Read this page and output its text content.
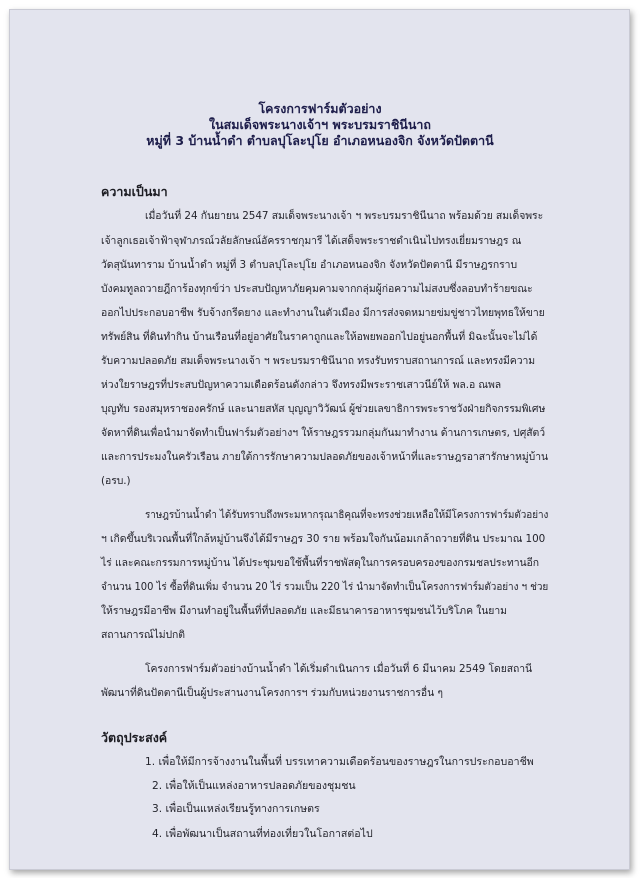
โครงการฟาร์มตัวอย่าง
ในสมเด็จพระนางเจ้าฯ พระบรมราชินีนาถ
หมู่ที่ 3 บ้านน้ำดำ ตำบลปุโละปุโย อำเภอหนองจิก จังหวัดปัตตานี
ความเป็นมา
เมื่อวันที่ 24 กันยายน 2547 สมเด็จพระนางเจ้า ฯ พระบรมราชินีนาถ พร้อมด้วย สมเด็จพระ
เจ้าลูกเธอเจ้าฟ้าจุฬาภรณ์วลัยลักษณ์อัครราชกุมารี ได้เสด็จพระราชดำเนินไปทรงเยี่ยมราษฎร ณ
วัดสุนันทาราม บ้านน้ำดำ หมู่ที่ 3 ตำบลปุโละปุโย อำเภอหนองจิก จังหวัดปัตตานี มีราษฎรกราบ
บังคมทูลถวายฎีการ้องทุกข์ว่า ประสบปัญหาภัยคุมคามจากกลุ่มผู้ก่อความไม่สงบซึ่งลอบทำร้ายขณะ
ออกไปประกอบอาชีพ รับจ้างกรีดยาง และทำงานในตัวเมือง มีการส่งจดหมายข่มขู่ชาวไทยพุทธให้ขาย
ทรัพย์สิน ที่ดินทำกิน บ้านเรือนที่อยู่อาศัยในราคาถูกและให้อพยพออกไปอยู่นอกพื้นที่ มิฉะนั้นจะไม่ได้
รับความปลอดภัย สมเด็จพระนางเจ้า ฯ พระบรมราชินีนาถ ทรงรับทราบสถานการณ์ และทรงมีความ
ห่วงใยราษฎรที่ประสบปัญหาความเดือดร้อนดังกล่าว จึงทรงมีพระราชเสาวนีย์ให้ พล.อ ณพล
บุญทับ รองสมุหราชองครักษ์ และนายสหัส บุญญาวิวัฒน์ ผู้ช่วยเลขาธิการพระราชวังฝ่ายกิจกรรมพิเศษ
จัดหาที่ดินเพื่อนำมาจัดทำเป็นฟาร์มตัวอย่างฯ ให้ราษฎรรวมกลุ่มกันมาทำงาน ด้านการเกษตร, ปศุสัตว์
และการประมงในครัวเรือน ภายใต้การรักษาความปลอดภัยของเจ้าหน้าที่และราษฎรอาสารักษาหมู่บ้าน
(อรบ.)
ราษฎรบ้านน้ำดำ ได้รับทราบถึงพระมหากรุณาธิคุณที่จะทรงช่วยเหลือให้มีโครงการฟาร์มตัวอย่าง
ฯ เกิดขึ้นบริเวณพื้นที่ใกล้หมู่บ้านจึงได้มีราษฎร 30 ราย พร้อมใจกันน้อมเกล้าถวายที่ดิน ประมาณ 100
ไร่ และคณะกรรมการหมู่บ้าน ได้ประชุมขอใช้พื้นที่ราชพัสดุในการครอบครองของกรมชลประทานอีก
จำนวน 100 ไร่ ซื้อที่ดินเพิ่ม จำนวน 20 ไร่ รวมเป็น 220 ไร่ นำมาจัดทำเป็นโครงการฟาร์มตัวอย่าง ฯ ช่วย
ให้ราษฎรมีอาชีพ มีงานทำอยู่ในพื้นที่ที่ปลอดภัย และมีธนาคารอาหารชุมชนไว้บริโภค ในยาม
สถานการณ์ไม่ปกติ
โครงการฟาร์มตัวอย่างบ้านน้ำดำ ได้เริ่มดำเนินการ เมื่อวันที่ 6 มีนาคม 2549 โดยสถานี
พัฒนาที่ดินปัตตานีเป็นผู้ประสานงานโครงการฯ ร่วมกับหน่วยงานราชการอื่น ๆ
วัตถุประสงค์
1. เพื่อให้มีการจ้างงานในพื้นที่ บรรเทาความเดือดร้อนของราษฎรในการประกอบอาชีพ
2. เพื่อให้เป็นแหล่งอาหารปลอดภัยของชุมชน
3. เพื่อเป็นแหล่งเรียนรู้ทางการเกษตร
4. เพื่อพัฒนาเป็นสถานที่ท่องเที่ยวในโอกาสต่อไป
